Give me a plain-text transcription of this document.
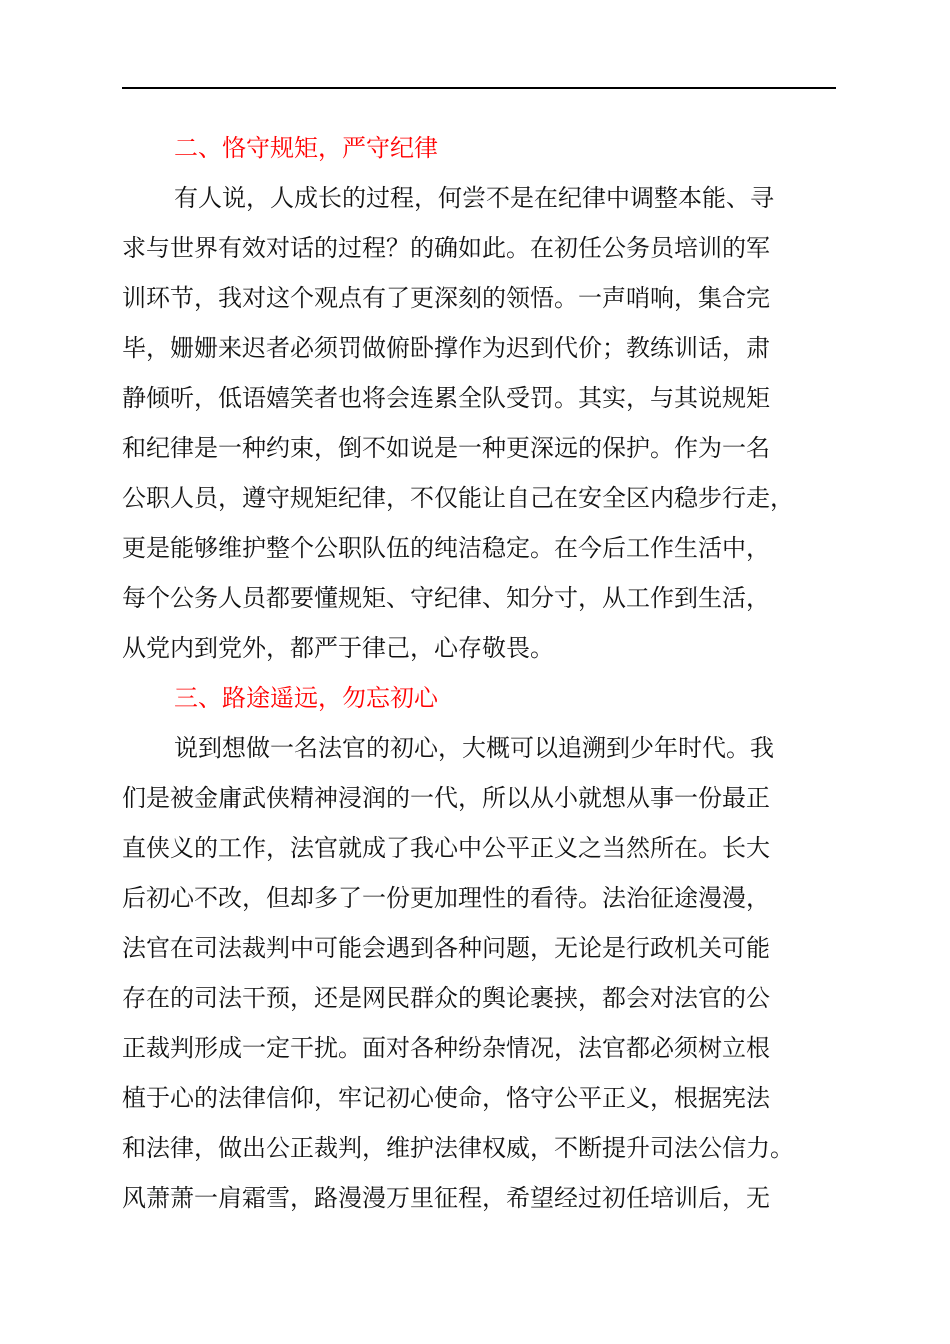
二、恪守规矩，严守纪律
有人说，人成长的过程，何尝不是在纪律中调整本能、寻
求与世界有效对话的过程？的确如此。在初任公务员培训的军
训环节，我对这个观点有了更深刻的领悟。一声哨响，集合完
毕，姗姗来迟者必须罚做俯卧撑作为迟到代价；教练训话，肃
静倾听，低语嬉笑者也将会连累全队受罚。其实，与其说规矩
和纪律是一种约束，倒不如说是一种更深远的保护。作为一名
公职人员，遵守规矩纪律，不仅能让自己在安全区内稳步行走，
更是能够维护整个公职队伍的纯洁稳定。在今后工作生活中，
每个公务人员都要懂规矩、守纪律、知分寸，从工作到生活，
从党内到党外，都严于律己，心存敬畏。
三、路途遥远，勿忘初心
说到想做一名法官的初心，大概可以追溯到少年时代。我
们是被金庸武侠精神浸润的一代，所以从小就想从事一份最正
直侠义的工作，法官就成了我心中公平正义之当然所在。长大
后初心不改，但却多了一份更加理性的看待。法治征途漫漫，
法官在司法裁判中可能会遇到各种问题，无论是行政机关可能
存在的司法干预，还是网民群众的舆论裹挟，都会对法官的公
正裁判形成一定干扰。面对各种纷杂情况，法官都必须树立根
植于心的法律信仰，牢记初心使命，恪守公平正义，根据宪法
和法律，做出公正裁判，维护法律权威，不断提升司法公信力。
风萧萧一肩霜雪，路漫漫万里征程，希望经过初任培训后，无
